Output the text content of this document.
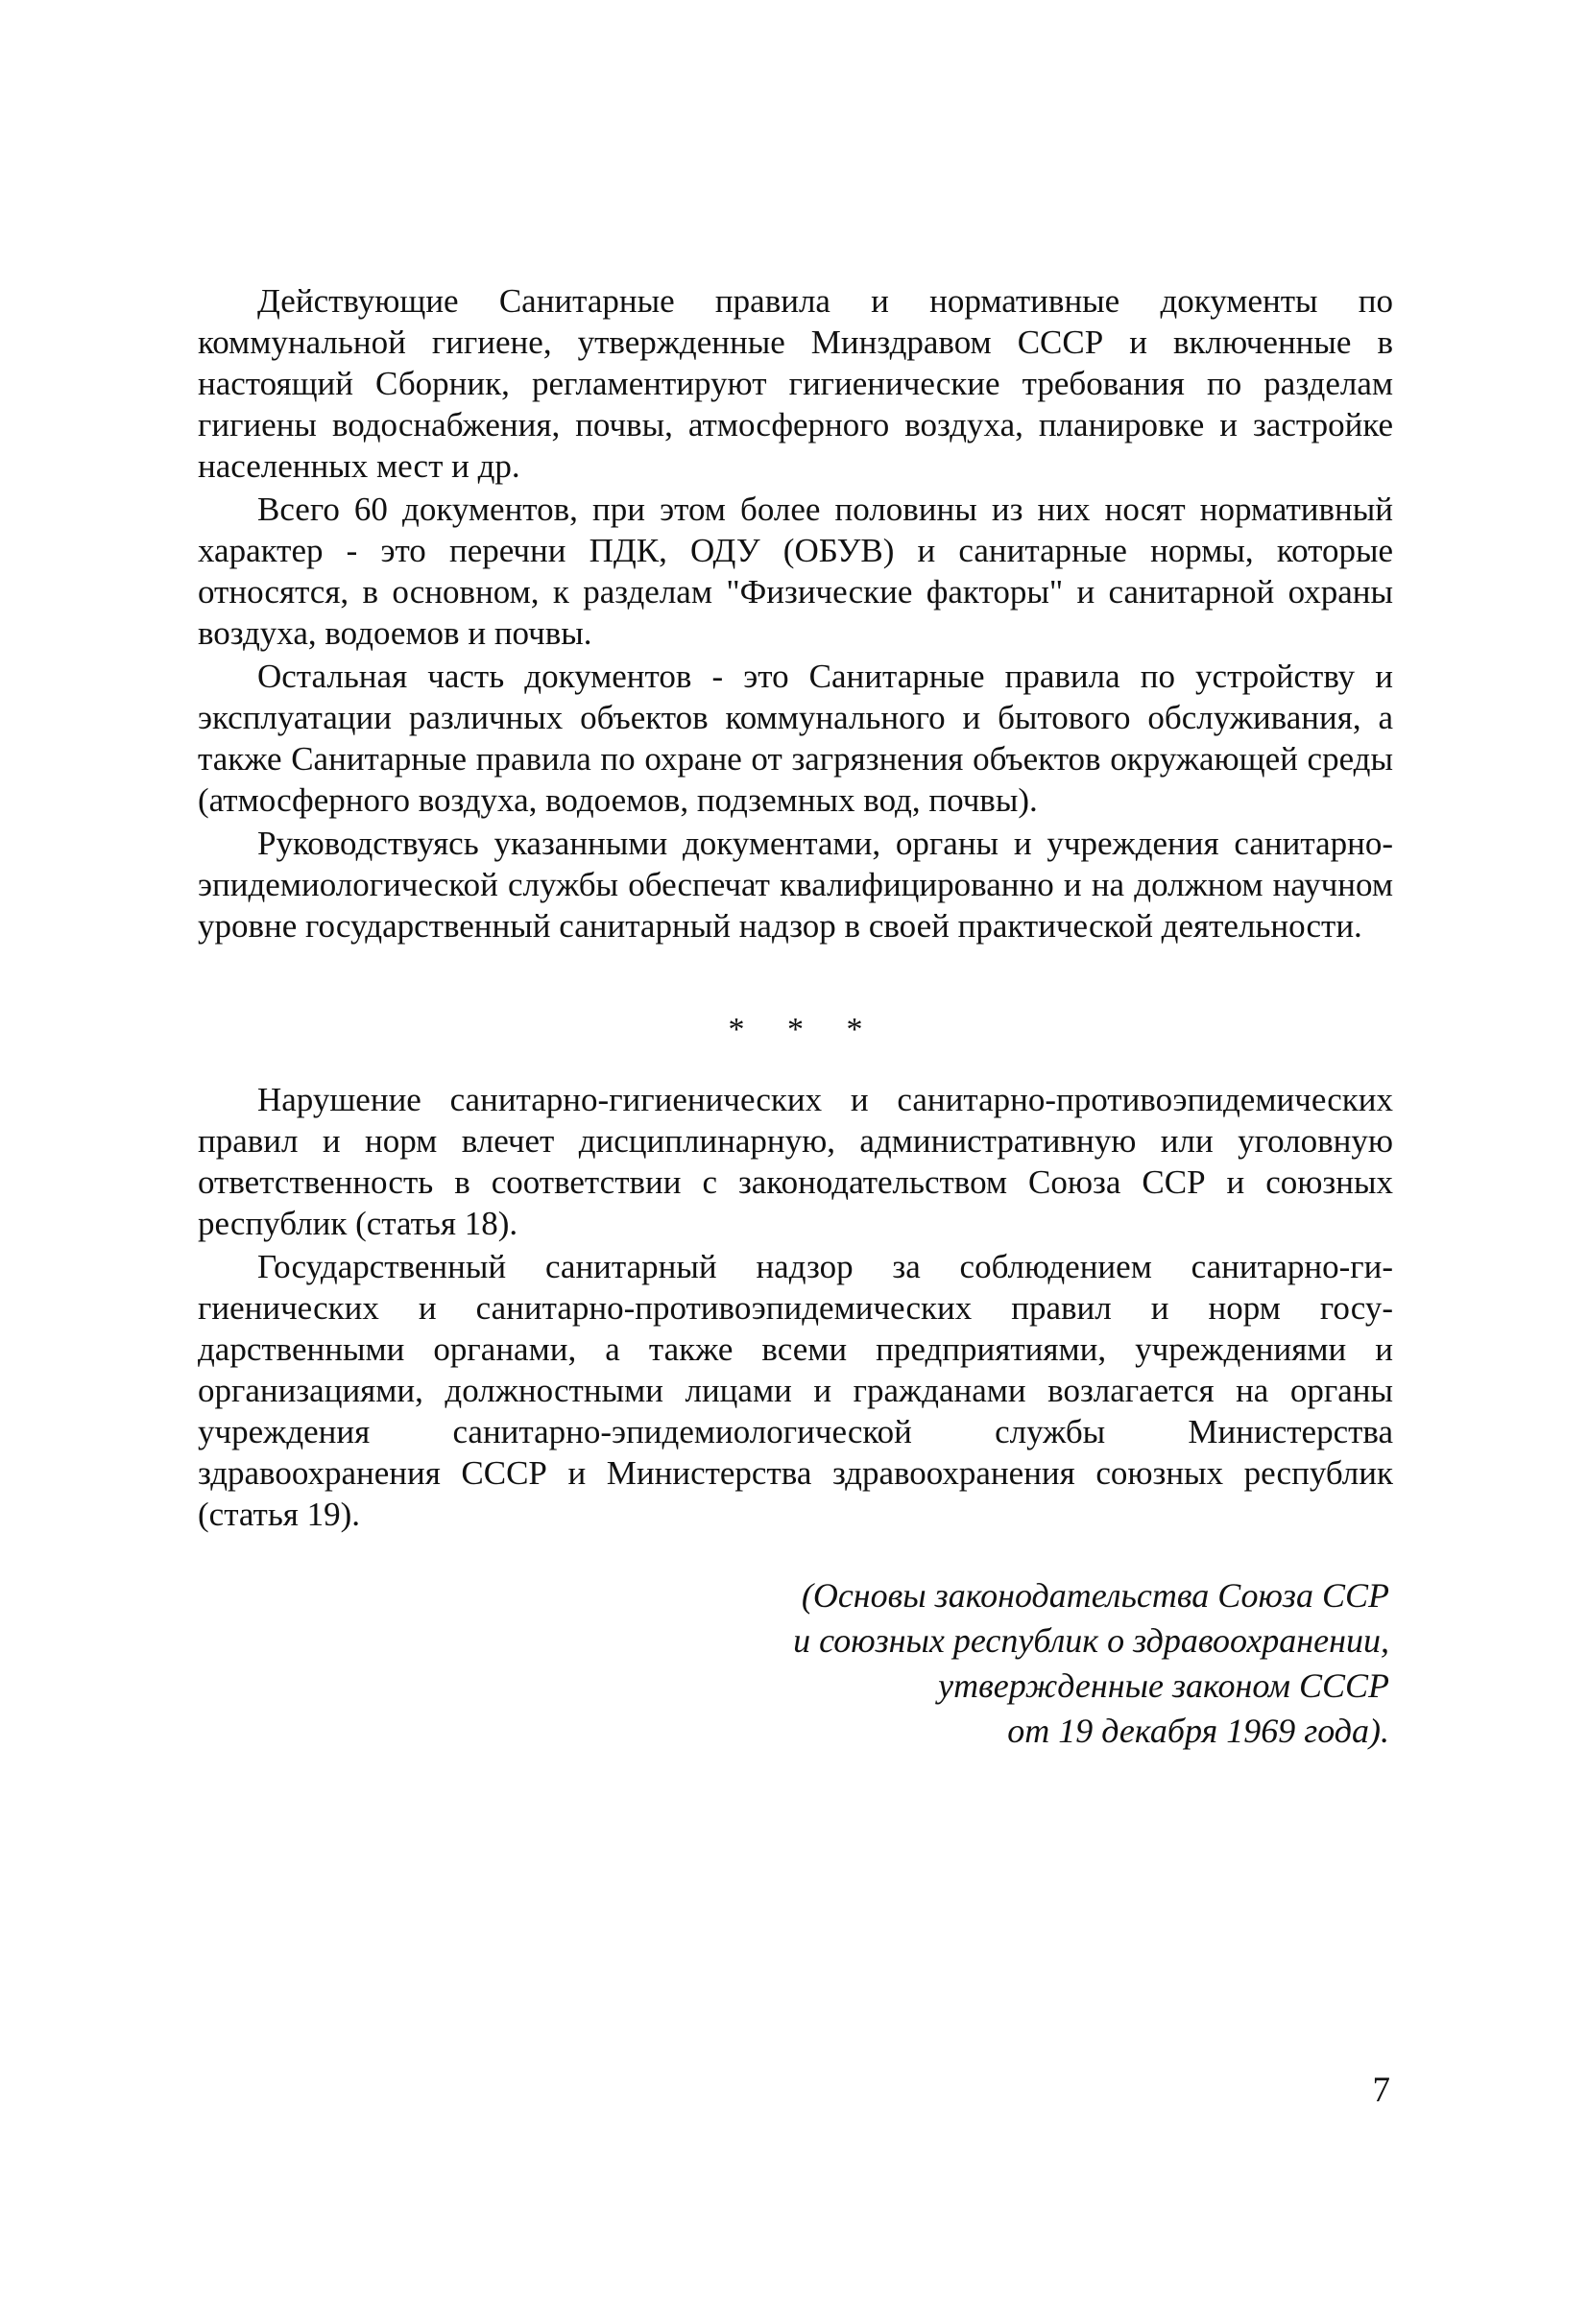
Действующие Санитарные правила и нормативные документы по коммунальной гигиене, утвержденные Минздравом СССР и включенные в настоящий Сборник, регламентируют гигиенические требования по разделам гигиены водоснабжения, почвы, атмосферного воздуха, планировке и застройке населенных мест и др.

Всего 60 документов, при этом более половины из них носят нормативный характер - это перечни ПДК, ОДУ (ОБУВ) и санитарные нормы, которые относятся, в основном, к разделам "Физические факторы" и санитарной охраны воздуха, водоемов и почвы.

Остальная часть документов - это Санитарные правила по устройству и эксплуатации различных объектов коммунального и бытового обслуживания, а также Санитарные правила по охране от загрязнения объектов окружающей среды (атмосферного воздуха, водоемов, подземных вод, почвы).

Руководствуясь указанными документами, органы и учреждения санитарно-эпидемиологической службы обеспечат квалифицированно и на должном научном уровне государственный санитарный надзор в своей практической деятельности.

* * *

Нарушение санитарно-гигиенических и санитарно-противоэпидемических правил и норм влечет дисциплинарную, административную или уголовную ответственность в соответствии с законодательством Союза ССР и союзных республик (статья 18).

Государственный санитарный надзор за соблюдением санитарно-гигиенических и санитарно-противоэпидемических правил и норм государственными органами, а также всеми предприятиями, учреждениями и организациями, должностными лицами и гражданами возлагается на органы учреждения санитарно-эпидемиологической службы Министерства здравоохранения СССР и Министерства здравоохранения союзных республик (статья 19).

(Основы законодательства Союза ССР
и союзных республик о здравоохранении,
утвержденные законом СССР
от 19 декабря 1969 года).
7
